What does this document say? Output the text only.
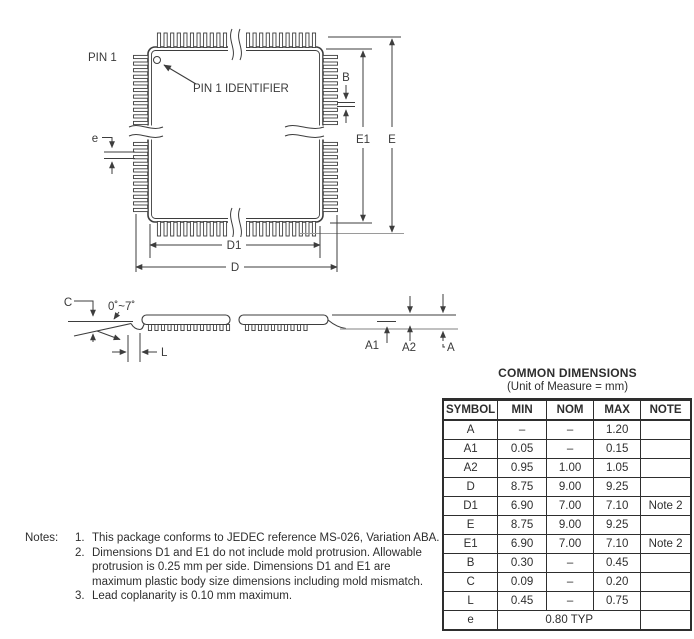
PIN 1
PIN 1 IDENTIFIER
E
E1
B
e
D1
D
C	0˚~7˚
L
A1 A2	A
COMMON DIMENSIONS
(Unit of Measure = mm)
SYMBOL	MIN	NOM	MAX	NOTE
A	–	–	1.20	
A1	0.05	–	0.15	
A2	0.95	1.00	1.05	
D	8.75	9.00	9.25	
D1	6.90	7.00	7.10	Note 2
E	8.75	9.00	9.25	
E1	6.90	7.00	7.10	Note 2
B	0.30	–	0.45	
C	0.09	–	0.20	
L	0.45	–	0.75	
e	0.80 TYP			
Notes:	1. This package conforms to JEDEC reference MS-026, Variation ABA.
2. Dimensions D1 and E1 do not include mold protrusion. Allowable protrusion is 0.25 mm per side. Dimensions D1 and E1 are maximum plastic body size dimensions including mold mismatch.
3. Lead coplanarity is 0.10 mm maximum.
